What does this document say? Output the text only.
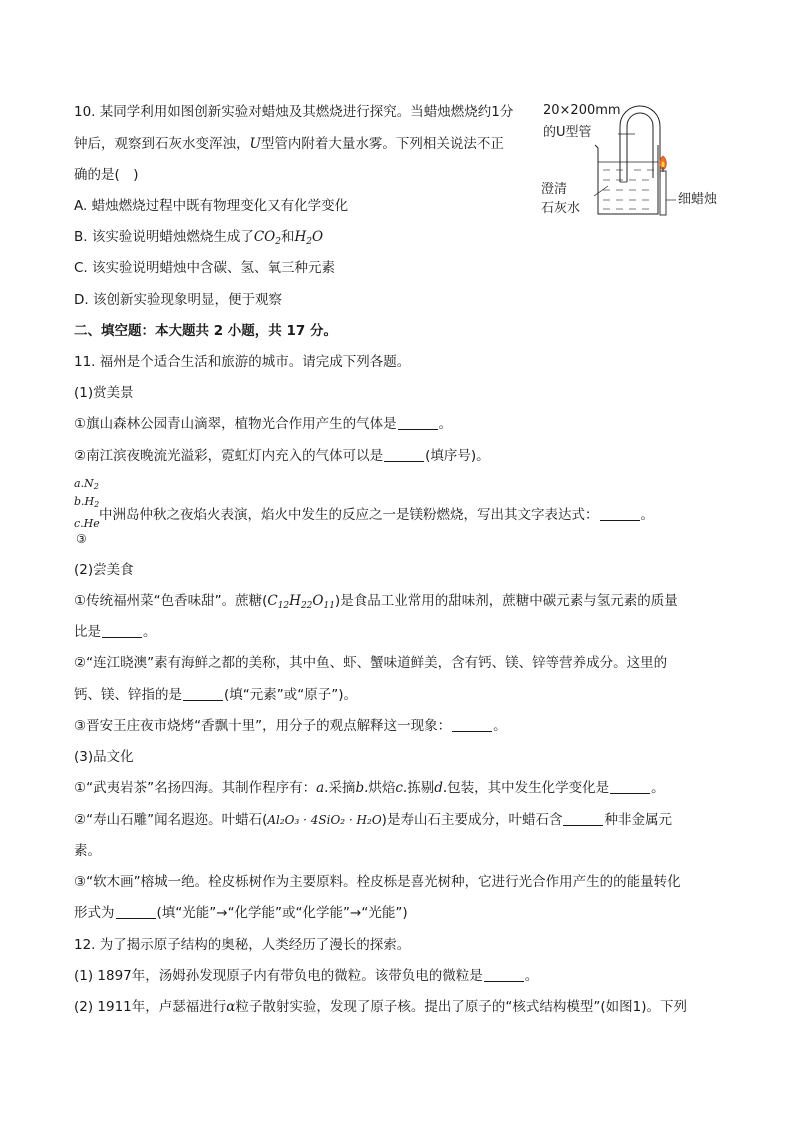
10. 某同学利用如图创新实验对蜡烛及其燃烧进行探究。当蜡烛燃烧约1分
钟后，观察到石灰水变浑浊，U型管内附着大量水雾。下列相关说法不正
确的是(　)
A. 蜡烛燃烧过程中既有物理变化又有化学变化
B. 该实验说明蜡烛燃烧生成了$CO_2$和$H_2O$
C. 该实验说明蜡烛中含碳、氢、氧三种元素
D. 该创新实验现象明显，便于观察
20×200mm
的U型管
澄清
石灰水
细蜡烛
二、填空题：本大题共 2 小题，共 17 分。
11. 福州是个适合生活和旅游的城市。请完成下列各题。
(1)赏美景
①旗山森林公园青山滴翠，植物光合作用产生的气体是	。
②南江滨夜晚流光溢彩，霓虹灯内充入的气体可以是	(填序号)。
a.N2
b.H2
c.He
③
中洲岛仲秋之夜焰火表演，焰火中发生的反应之一是镁粉燃烧，写出其文字表达式：	。
(2)尝美食
①传统福州菜“色香味甜”。蔗糖$(C_{12}H_{22}O_{11})$是食品工业常用的甜味剂，蔗糖中碳元素与氢元素的质量
比是	。
②“连江晓澳”素有海鲜之都的美称，其中鱼、虾、蟹味道鲜美，含有钙、镁、锌等营养成分。这里的
钙、镁、锌指的是	(填“元素”或“原子”)。
③晋安王庄夜市烧烤“香飘十里”，用分子的观点解释这一现象：	。
(3)品文化
①“武夷岩茶”名扬四海。其制作程序有：a.采摘b.烘焙c.拣剔d.包装，其中发生化学变化是	。
②“寿山石雕”闻名遐迩。叶蜡石(Al₂O₃ · 4SiO₂ · H₂O)是寿山石主要成分，叶蜡石含	种非金属元
素。
③“软木画”榕城一绝。栓皮栎树作为主要原料。栓皮栎是喜光树种，它进行光合作用产生的的能量转化
形式为	(填“光能”→“化学能”或“化学能”→“光能”)
12. 为了揭示原子结构的奥秘，人类经历了漫长的探索。
(1) 1897年，汤姆孙发现原子内有带负电的微粒。该带负电的微粒是	。
(2) 1911年，卢瑟福进行α粒子散射实验，发现了原子核。提出了原子的“核式结构模型”(如图1)。下列
